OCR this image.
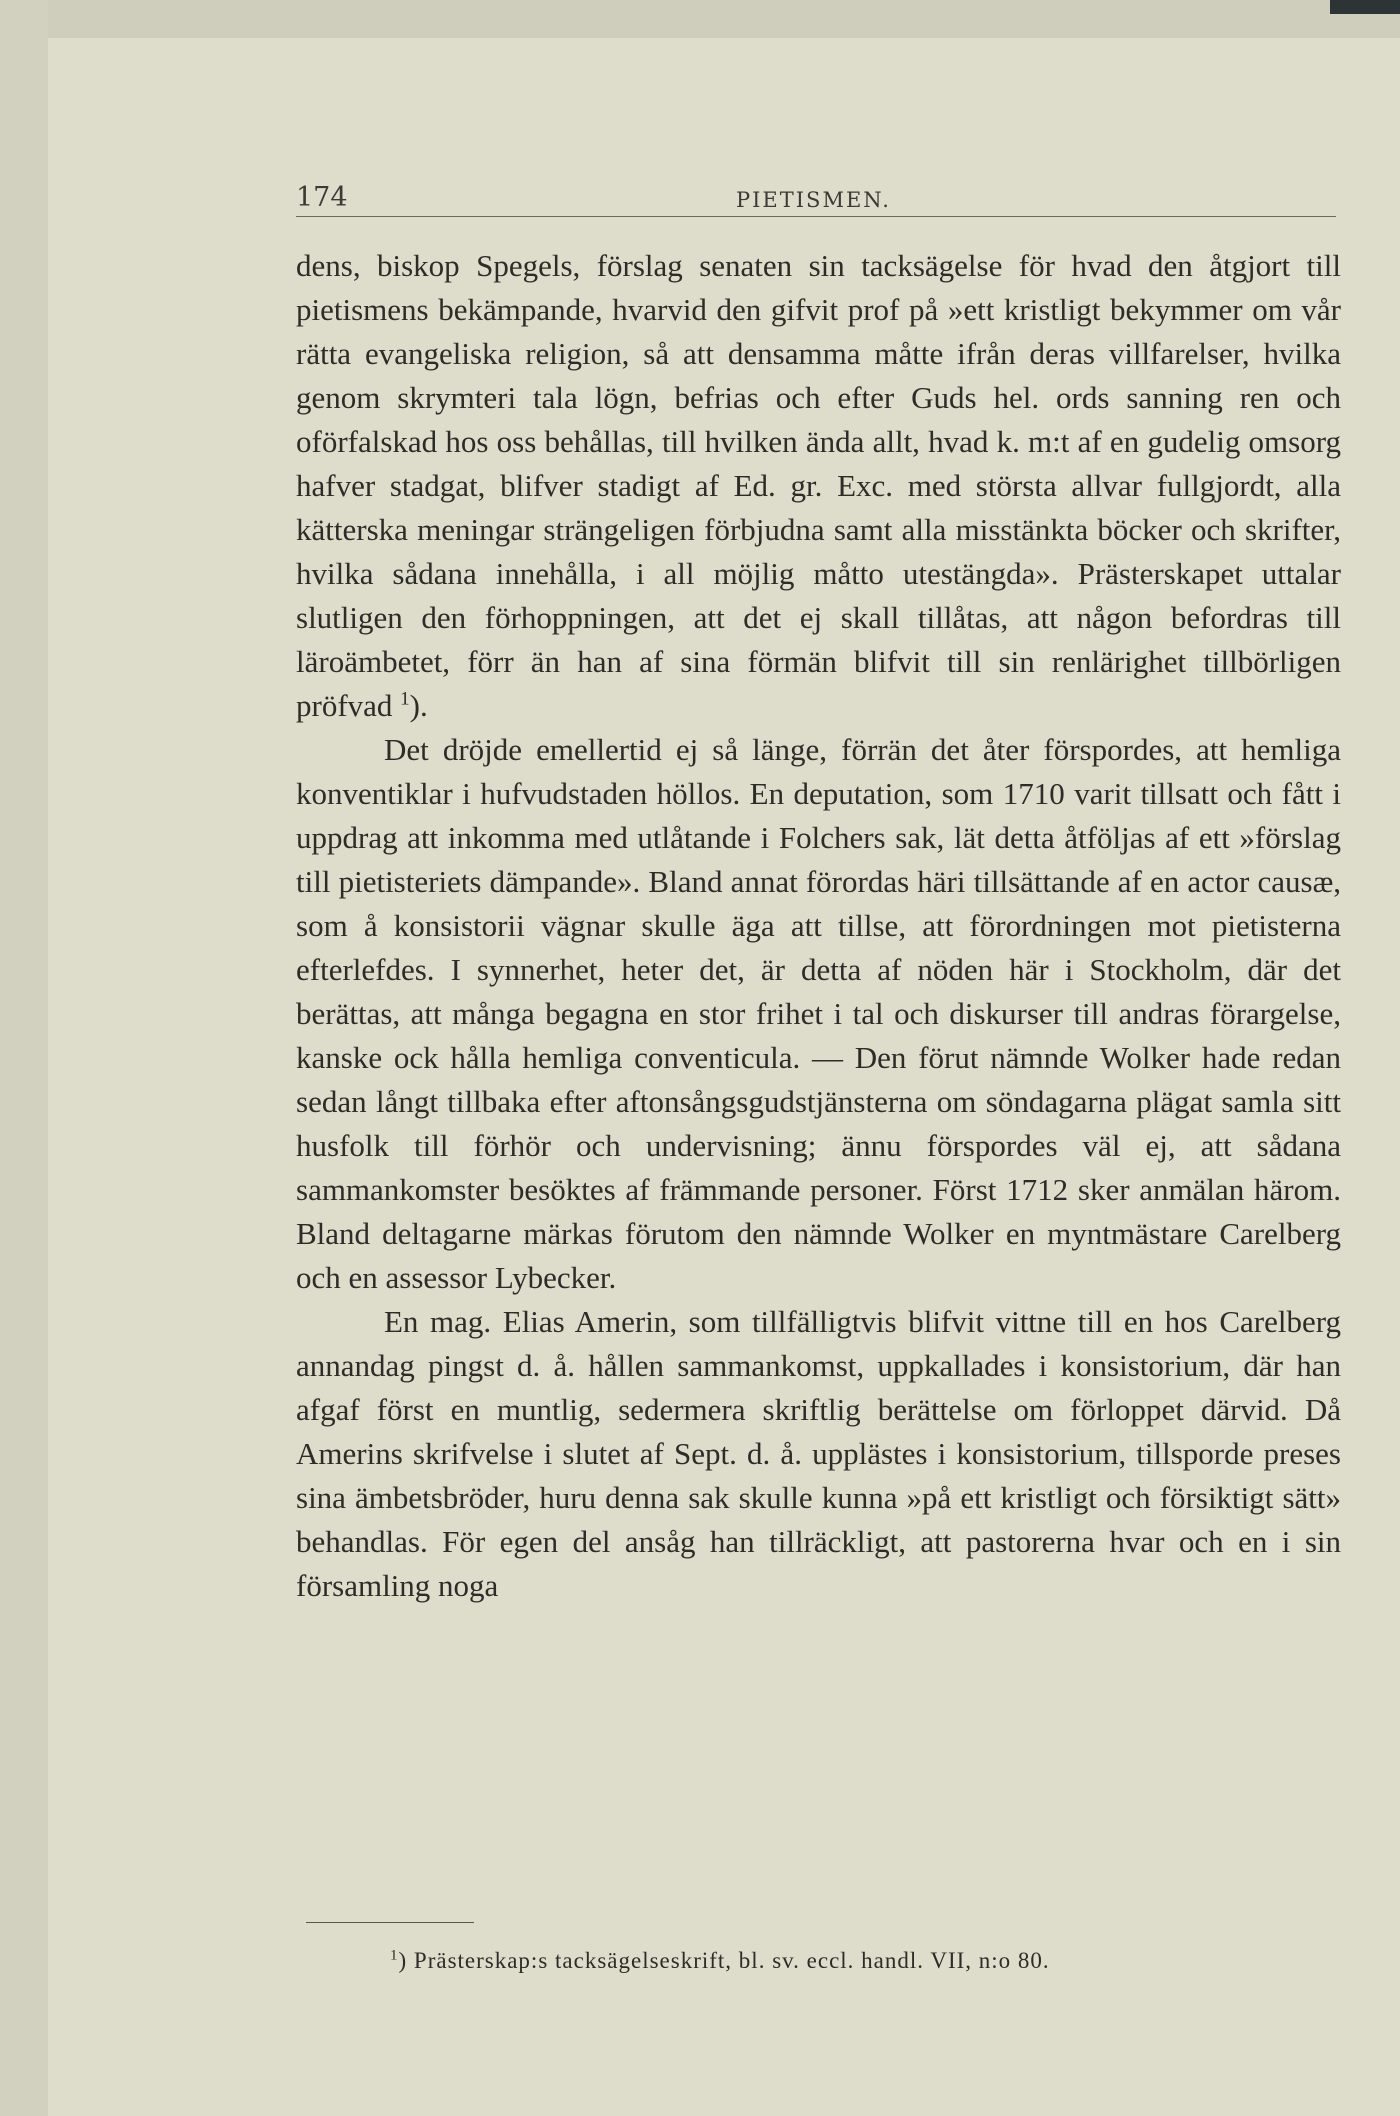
174	PIETISMEN.

dens, biskop Spegels, förslag senaten sin tacksägelse för hvad den åtgjort till pietismens bekämpande, hvarvid den gifvit prof på »ett kristligt bekymmer om vår rätta evangeliska religion, så att densamma måtte ifrån deras villfarelser, hvilka genom skrymteri tala lögn, befrias och efter Guds hel. ords sanning ren och oförfalskad hos oss behållas, till hvilken ända allt, hvad k. m:t af en gudelig omsorg hafver stadgat, blifver stadigt af Ed. gr. Exc. med största allvar fullgjordt, alla kätterska meningar strängeligen förbjudna samt alla misstänkta böcker och skrifter, hvilka sådana innehålla, i all möjlig måtto utestängda». Prästerskapet uttalar slutligen den förhoppningen, att det ej skall tillåtas, att någon befordras till läroämbetet, förr än han af sina förmän blifvit till sin renlärighet tillbörligen pröfvad $^1$).

Det dröjde emellertid ej så länge, förrän det åter förspordes, att hemliga konventiklar i hufvudstaden höllos. En deputation, som 1710 varit tillsatt och fått i uppdrag att inkomma med utlåtande i Folchers sak, lät detta åtföljas af ett »förslag till pietisteriets dämpande». Bland annat förordas häri tillsättande af en actor causæ, som å konsistorii vägnar skulle äga att tillse, att förordningen mot pietisterna efterlefdes. I synnerhet, heter det, är detta af nöden här i Stockholm, där det berättas, att många begagna en stor frihet i tal och diskurser till andras förargelse, kanske ock hålla hemliga conventicula. — Den förut nämnde Wolker hade redan sedan långt tillbaka efter aftonsångsgudstjänsterna om söndagarna plägat samla sitt husfolk till förhör och undervisning; ännu förspordes väl ej, att sådana sammankomster besöktes af främmande personer. Först 1712 sker anmälan härom. Bland deltagarne märkas förutom den nämnde Wolker en myntmästare Carelberg och en assessor Lybecker.

En mag. Elias Amerin, som tillfälligtvis blifvit vittne till en hos Carelberg annandag pingst d. å. hållen sammankomst, uppkallades i konsistorium, där han afgaf först en muntlig, sedermera skriftlig berättelse om förloppet därvid. Då Amerins skrifvelse i slutet af Sept. d. å. upplästes i konsistorium, tillsporde preses sina ämbetsbröder, huru denna sak skulle kunna »på ett kristligt och försiktigt sätt» behandlas. För egen del ansåg han tillräckligt, att pastorerna hvar och en i sin församling noga

$^1$) Prästerskap:s tacksägelseskrift, bl. sv. eccl. handl. VII, n:o 80.
